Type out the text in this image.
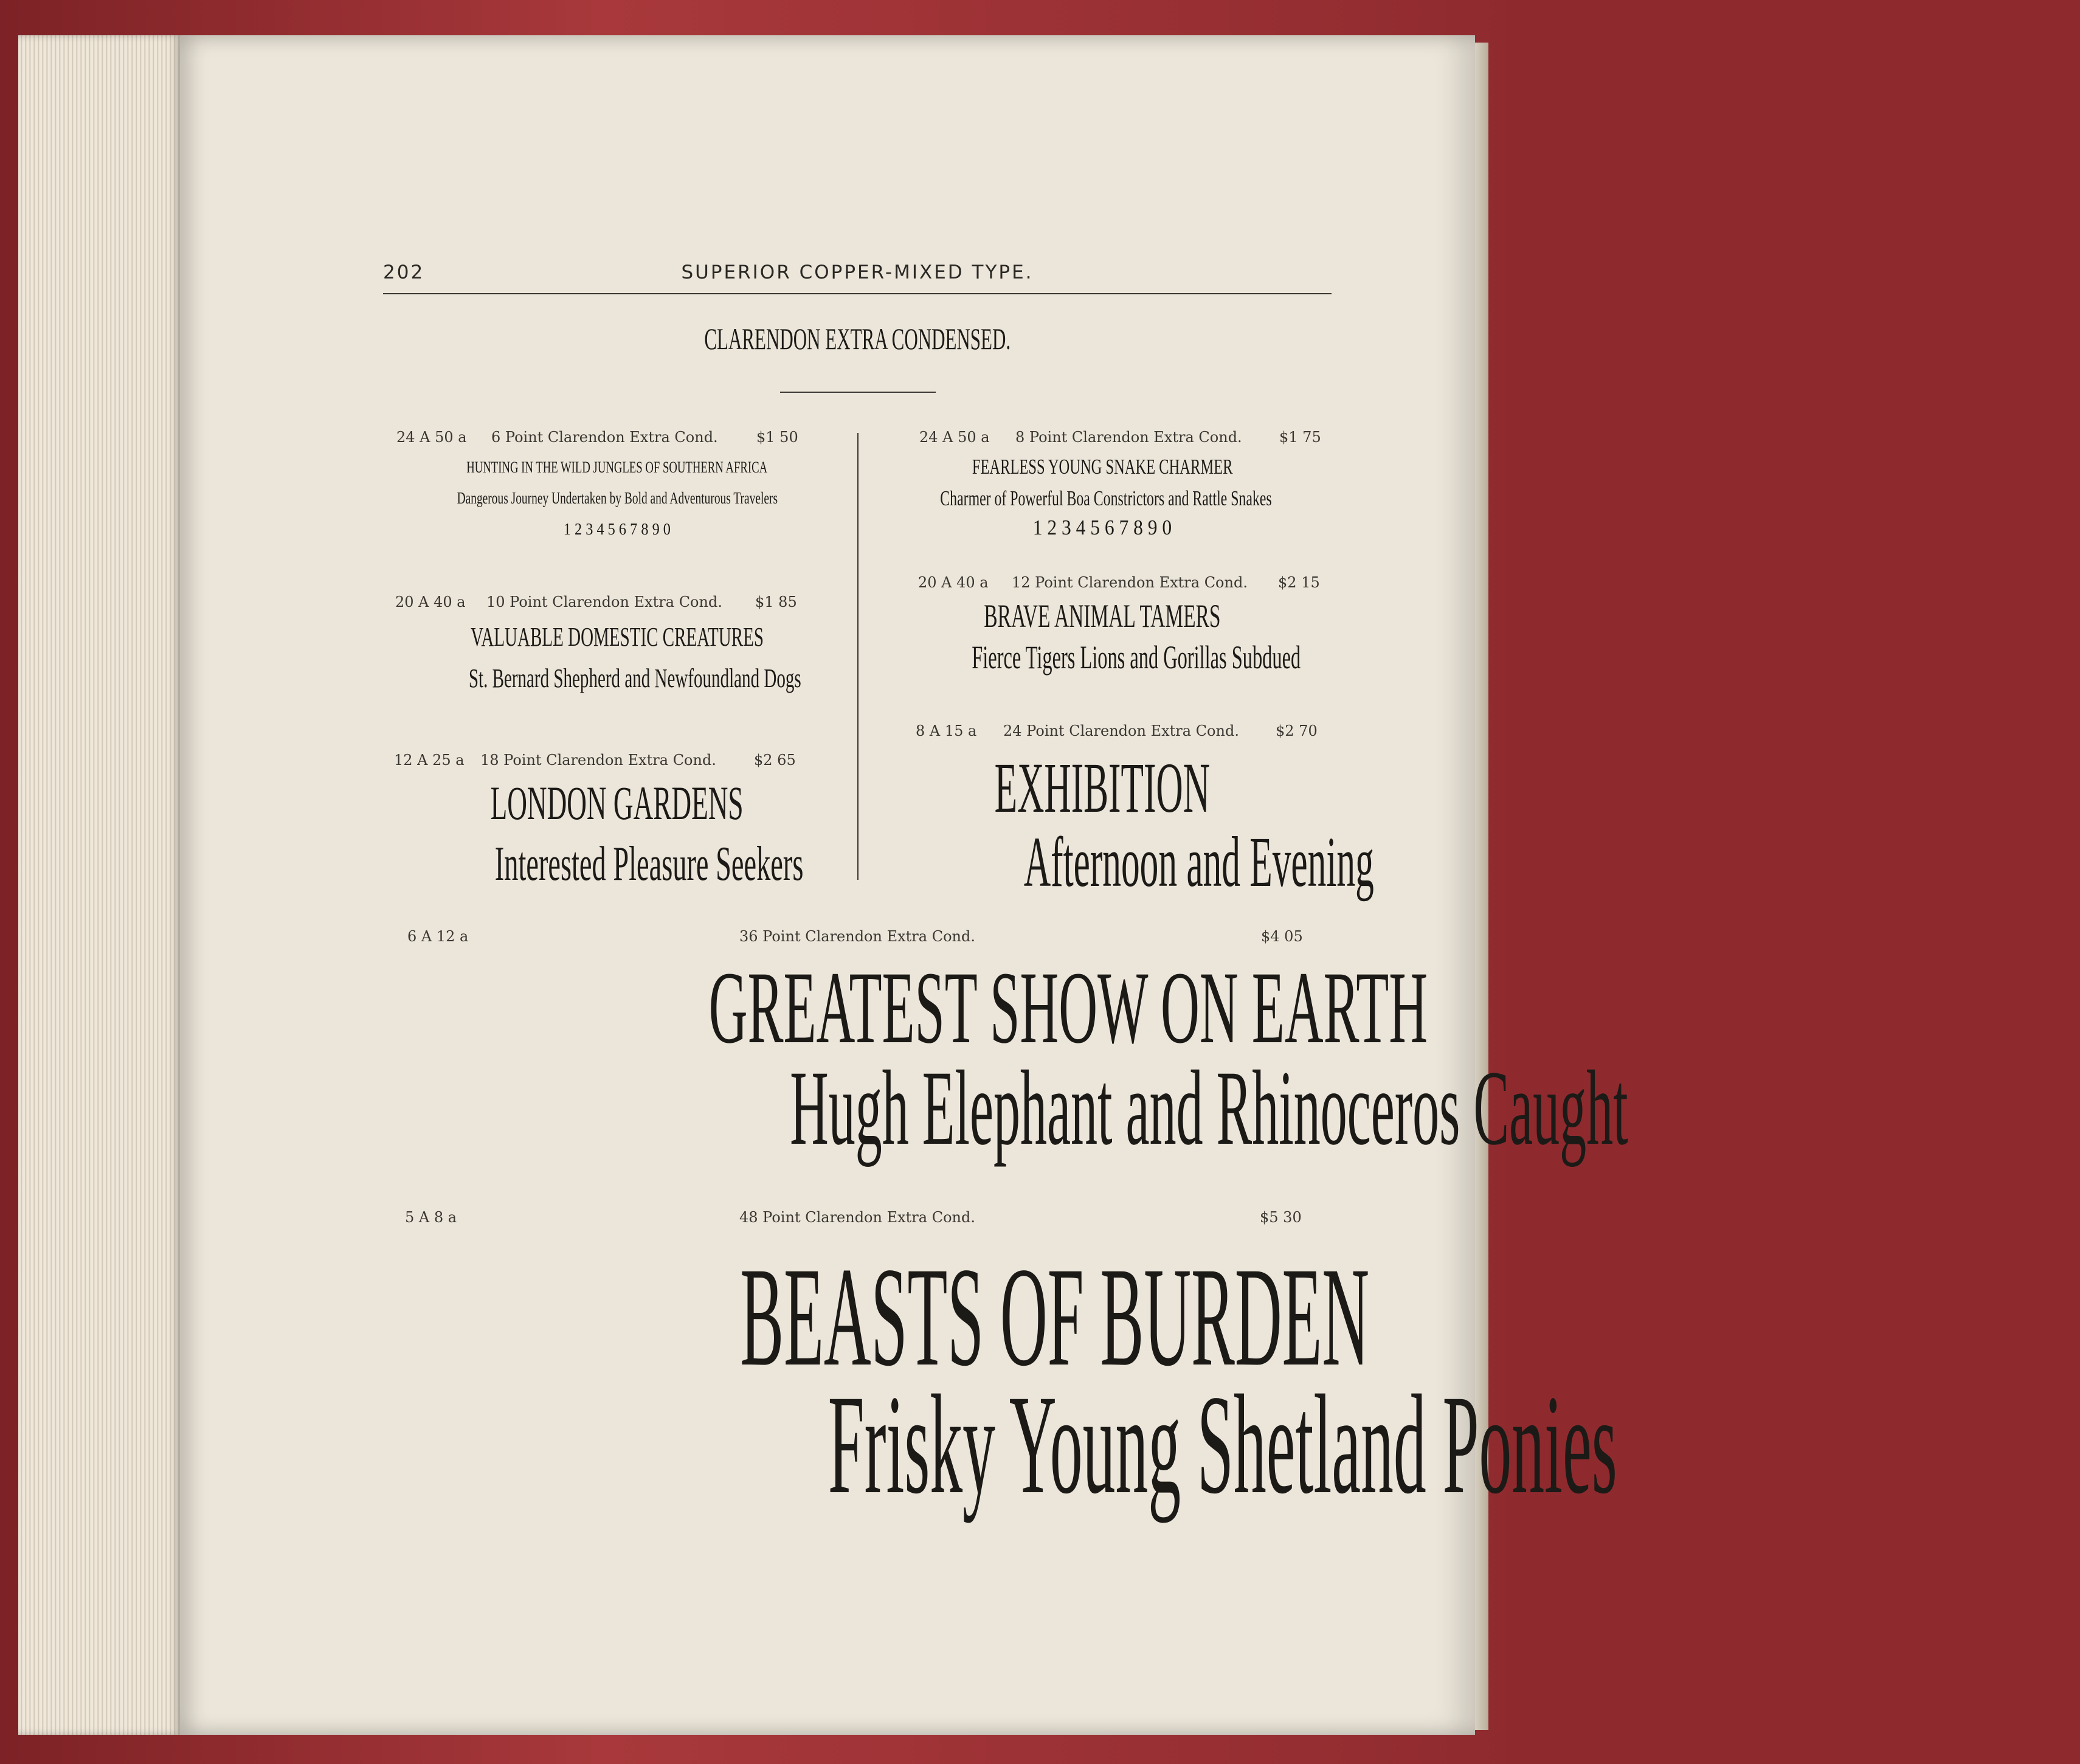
202	SUPERIOR COPPER-MIXED TYPE.
CLARENDON EXTRA CONDENSED.
24 A 50 a 6 Point Clarendon Extra Cond.	$1 50
HUNTING IN THE WILD JUNGLES OF SOUTHERN AFRICA
Dangerous Journey Undertaken by Bold and Adventurous Travelers
1 2 3 4 5 6 7 8 9 0
24 A 50 a 8 Point Clarendon Extra Cond.	$1 75
FEARLESS YOUNG SNAKE CHARMER
Charmer of Powerful Boa Constrictors and Rattle Snakes
1 2 3 4 5 6 7 8 9 0
20 A 40 a 10 Point Clarendon Extra Cond. $1 85
VALUABLE DOMESTIC CREATURES
St. Bernard Shepherd and Newfoundland Dogs
20 A 40 a 12 Point Clarendon Extra Cond. $2 15
BRAVE ANIMAL TAMERS
Fierce Tigers Lions and Gorillas Subdued
12 A 25 a 18 Point Clarendon Extra Cond.	$2 65
LONDON GARDENS
Interested Pleasure Seekers
8 A 15 a 24 Point Clarendon Extra Cond.	$2 70
EXHIBITION
Afternoon and Evening
6 A 12 a	36 Point Clarendon Extra Cond.	$4 05
GREATEST SHOW ON EARTH
Hugh Elephant and Rhinoceros Caught
5 A 8 a	48 Point Clarendon Extra Cond.	$5 30
BEASTS OF BURDEN
Frisky Young Shetland Ponies
